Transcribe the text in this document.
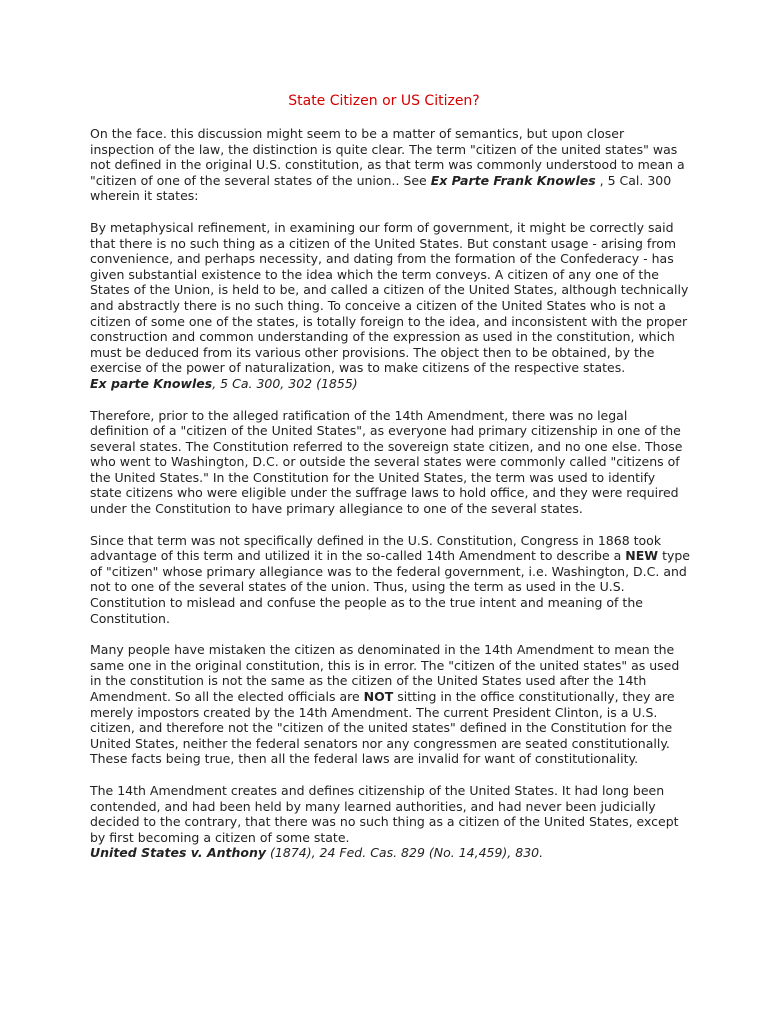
State Citizen or US Citizen?

On the face. this discussion might seem to be a matter of semantics, but upon closer inspection of the law, the distinction is quite clear. The term "citizen of the united states" was not defined in the original U.S. constitution, as that term was commonly understood to mean a "citizen of one of the several states of the union.. See Ex Parte Frank Knowles , 5 Cal. 300 wherein it states:

By metaphysical refinement, in examining our form of government, it might be correctly said that there is no such thing as a citizen of the United States. But constant usage - arising from convenience, and perhaps necessity, and dating from the formation of the Confederacy - has given substantial existence to the idea which the term conveys. A citizen of any one of the States of the Union, is held to be, and called a citizen of the United States, although technically and abstractly there is no such thing. To conceive a citizen of the United States who is not a citizen of some one of the states, is totally foreign to the idea, and inconsistent with the proper construction and common understanding of the expression as used in the constitution, which must be deduced from its various other provisions. The object then to be obtained, by the exercise of the power of naturalization, was to make citizens of the respective states.

Ex parte Knowles, 5 Ca. 300, 302 (1855)

Therefore, prior to the alleged ratification of the 14th Amendment, there was no legal definition of a "citizen of the United States", as everyone had primary citizenship in one of the several states. The Constitution referred to the sovereign state citizen, and no one else. Those who went to Washington, D.C. or outside the several states were commonly called "citizens of the United States." In the Constitution for the United States, the term was used to identify state citizens who were eligible under the suffrage laws to hold office, and they were required under the Constitution to have primary allegiance to one of the several states.

Since that term was not specifically defined in the U.S. Constitution, Congress in 1868 took advantage of this term and utilized it in the so-called 14th Amendment to describe a NEW type of "citizen" whose primary allegiance was to the federal government, i.e. Washington, D.C. and not to one of the several states of the union. Thus, using the term as used in the U.S. Constitution to mislead and confuse the people as to the true intent and meaning of the Constitution.

Many people have mistaken the citizen as denominated in the 14th Amendment to mean the same one in the original constitution, this is in error. The "citizen of the united states" as used in the constitution is not the same as the citizen of the United States used after the 14th Amendment. So all the elected officials are NOT sitting in the office constitutionally, they are merely impostors created by the 14th Amendment. The current President Clinton, is a U.S. citizen, and therefore not the "citizen of the united states" defined in the Constitution for the United States, neither the federal senators nor any congressmen are seated constitutionally. These facts being true, then all the federal laws are invalid for want of constitutionality.

The 14th Amendment creates and defines citizenship of the United States. It had long been contended, and had been held by many learned authorities, and had never been judicially decided to the contrary, that there was no such thing as a citizen of the United States, except by first becoming a citizen of some state.

United States v. Anthony (1874), 24 Fed. Cas. 829 (No. 14,459), 830.
